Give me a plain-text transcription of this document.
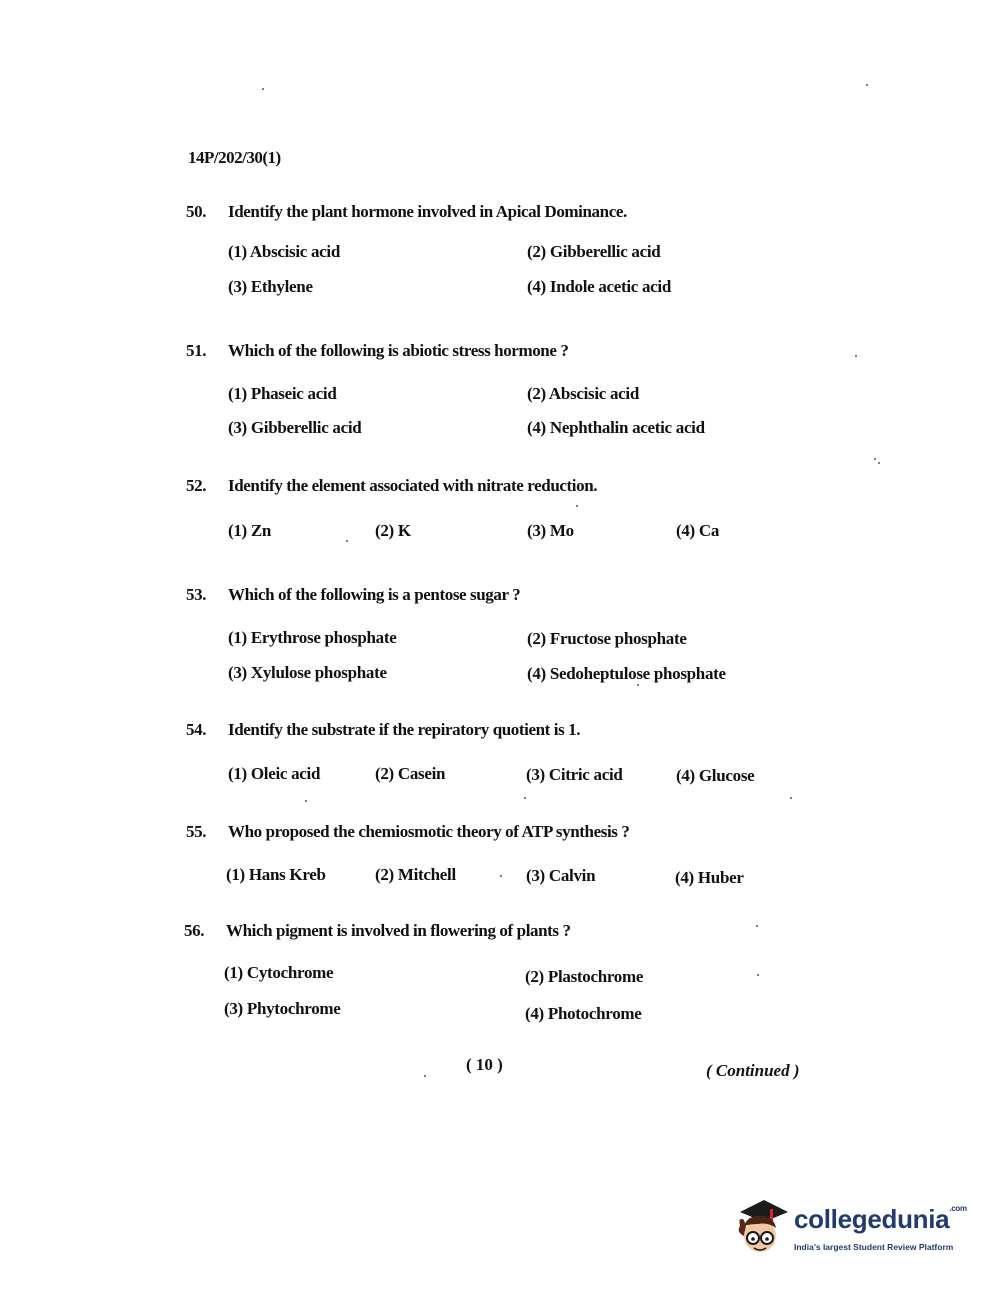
14P/202/30(1)
50. Identify the plant hormone involved in Apical Dominance.
(1) Abscisic acid	(2) Gibberellic acid
(3) Ethylene	(4) Indole acetic acid
51. Which of the following is abiotic stress hormone ?
(1) Phaseic acid	(2) Abscisic acid
(3) Gibberellic acid	(4) Nephthalin acetic acid
52. Identify the element associated with nitrate reduction.
(1) Zn	(2) K	(3) Mo	(4) Ca
53. Which of the following is a pentose sugar ?
(1) Erythrose phosphate	(2) Fructose phosphate
(3) Xylulose phosphate	(4) Sedoheptulose phosphate
54. Identify the substrate if the repiratory quotient is 1.
(1) Oleic acid	(2) Casein	(3) Citric acid	(4) Glucose
55. Who proposed the chemiosmotic theory of ATP synthesis ?
(1) Hans Kreb	(2) Mitchell	(3) Calvin	(4) Huber
56. Which pigment is involved in flowering of plants ?
(1) Cytochrome	(2) Plastochrome
(3) Phytochrome	(4) Photochrome
( 10 )	( Continued )
collegedunia$^{.com}$
India's largest Student Review Platform
